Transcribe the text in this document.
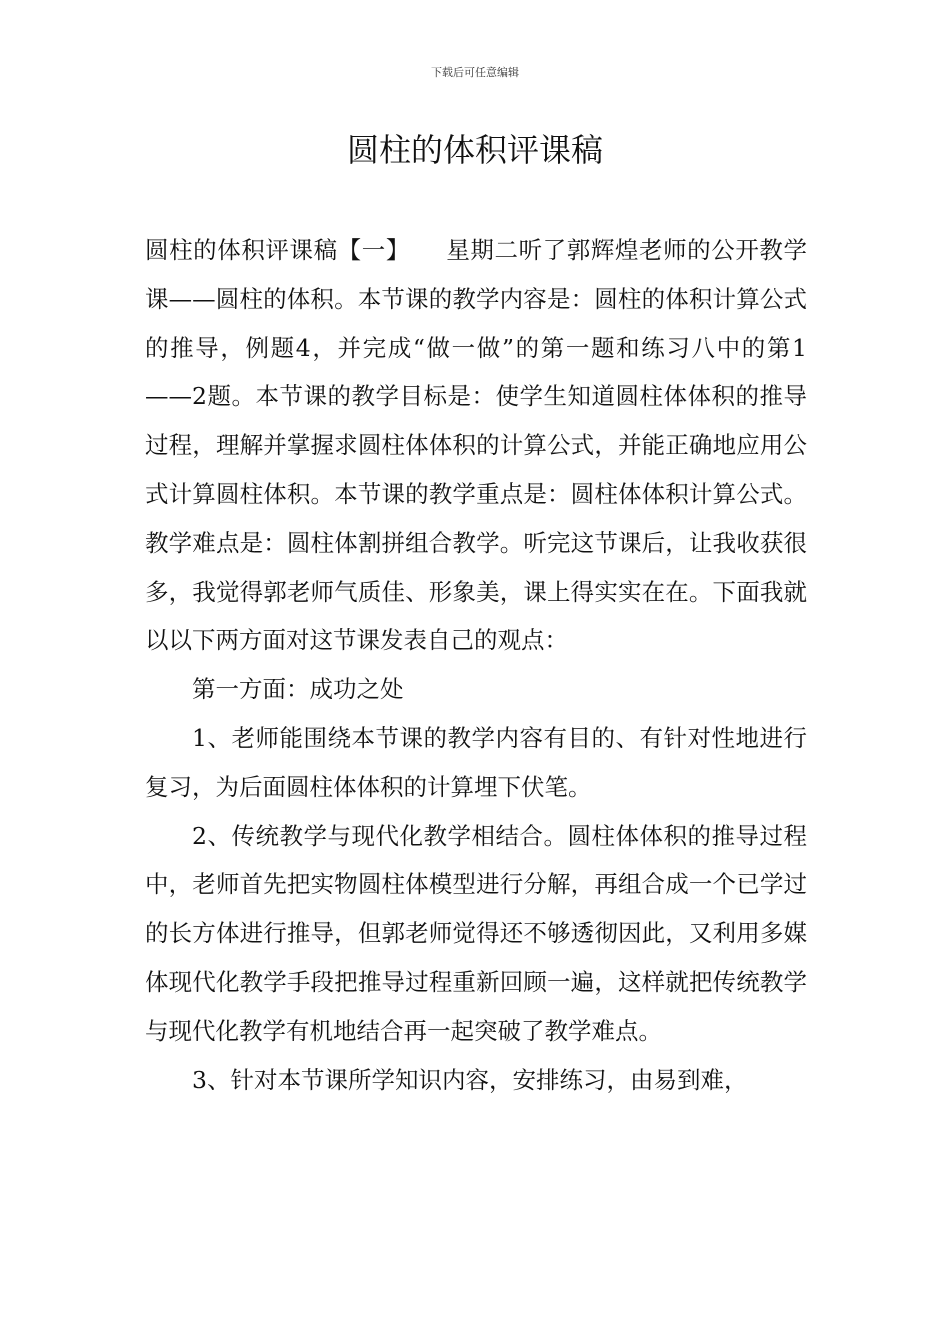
下载后可任意编辑
圆柱的体积评课稿

圆柱的体积评课稿【一】　　星期二听了郭辉煌老师的公开教学课——圆柱的体积。本节课的教学内容是：圆柱的体积计算公式的推导，例题4，并完成“做一做”的第一题和练习八中的第1——2题。本节课的教学目标是：使学生知道圆柱体体积的推导过程，理解并掌握求圆柱体体积的计算公式，并能正确地应用公式计算圆柱体积。本节课的教学重点是：圆柱体体积计算公式。教学难点是：圆柱体割拼组合教学。听完这节课后，让我收获很多，我觉得郭老师气质佳、形象美，课上得实实在在。下面我就以以下两方面对这节课发表自己的观点：

第一方面：成功之处

1、老师能围绕本节课的教学内容有目的、有针对性地进行复习，为后面圆柱体体积的计算埋下伏笔。

2、传统教学与现代化教学相结合。圆柱体体积的推导过程中，老师首先把实物圆柱体模型进行分解，再组合成一个已学过的长方体进行推导，但郭老师觉得还不够透彻因此，又利用多媒体现代化教学手段把推导过程重新回顾一遍，这样就把传统教学与现代化教学有机地结合再一起突破了教学难点。

3、针对本节课所学知识内容，安排练习，由易到难，
